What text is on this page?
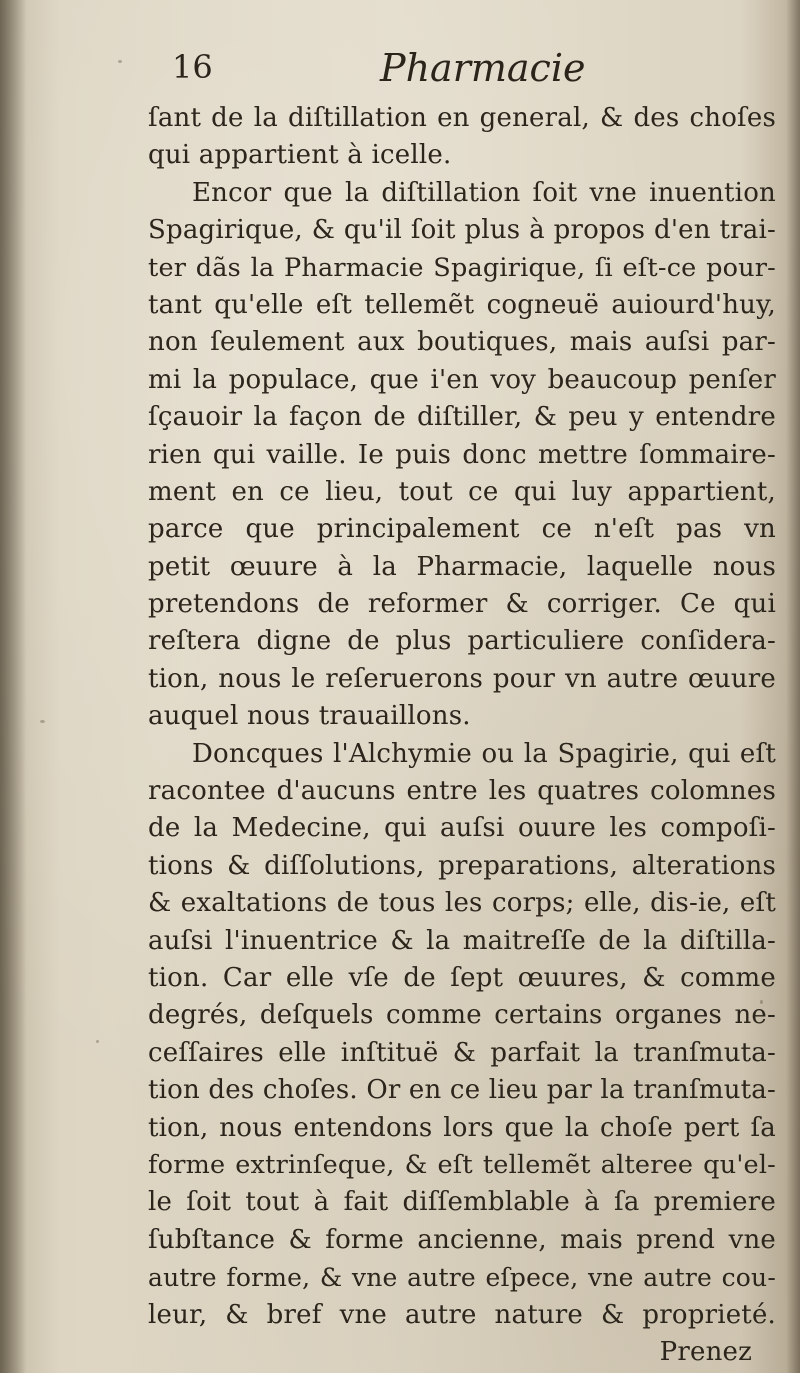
16	Pharmacie
ſant de la diſtillation en general, & des choſes
qui appartient à icelle.
Encor que la diſtillation ſoit vne inuention
Spagirique, & qu'il ſoit plus à propos d'en trai-
ter dãs la Pharmacie Spagirique, ſi eſt-ce pour-
tant qu'elle eſt tellemẽt cogneuë auiourd'huy,
non ſeulement aux boutiques, mais auſsi par-
mi la populace, que i'en voy beaucoup penſer
ſçauoir la façon de diſtiller, & peu y entendre
rien qui vaille. Ie puis donc mettre ſommaire-
ment en ce lieu, tout ce qui luy appartient,
parce que principalement ce n'eſt pas vn
petit œuure à la Pharmacie, laquelle nous
pretendons de reformer & corriger. Ce qui
reſtera digne de plus particuliere conſidera-
tion, nous le reſeruerons pour vn autre œuure
auquel nous trauaillons.
Doncques l'Alchymie ou la Spagirie, qui eſt
racontee d'aucuns entre les quatres colomnes
de la Medecine, qui auſsi ouure les compoſi-
tions & diſſolutions, preparations, alterations
& exaltations de tous les corps; elle, dis-ie, eſt
auſsi l'inuentrice & la maitreſſe de la diſtilla-
tion. Car elle vſe de ſept œuures, & comme
degrés, deſquels comme certains organes ne-
ceſſaires elle inſtituë & parfait la tranſmuta-
tion des choſes. Or en ce lieu par la tranſmuta-
tion, nous entendons lors que la choſe pert ſa
forme extrinſeque, & eſt tellemẽt alteree qu'el-
le ſoit tout à fait diſſemblable à ſa premiere
ſubſtance & forme ancienne, mais prend vne
autre forme, & vne autre eſpece, vne autre cou-
leur, & bref vne autre nature & proprieté.
Prenez
